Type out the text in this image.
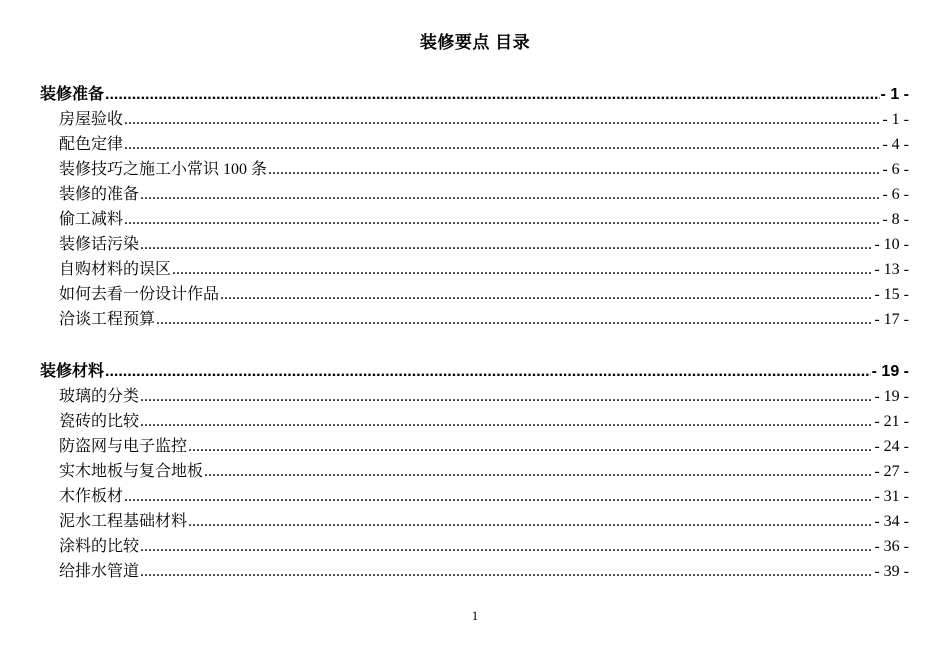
装修要点 目录
装修准备 .....	- 1 -
房屋验收 .....	- 1 -
配色定律 .....	- 4 -
装修技巧之施工小常识 100 条 .....	- 6 -
装修的准备 .....	- 6 -
偷工减料 .....	- 8 -
装修话污染 .....	- 10 -
自购材料的误区 .....	- 13 -
如何去看一份设计作品 .....	- 15 -
洽谈工程预算 .....	- 17 -
装修材料 .....	- 19 -
玻璃的分类 .....	- 19 -
瓷砖的比较 .....	- 21 -
防盗网与电子监控 .....	- 24 -
实木地板与复合地板 .....	- 27 -
木作板材 .....	- 31 -
泥水工程基础材料 .....	- 34 -
涂料的比较 .....	- 36 -
给排水管道 .....	- 39 -
1
